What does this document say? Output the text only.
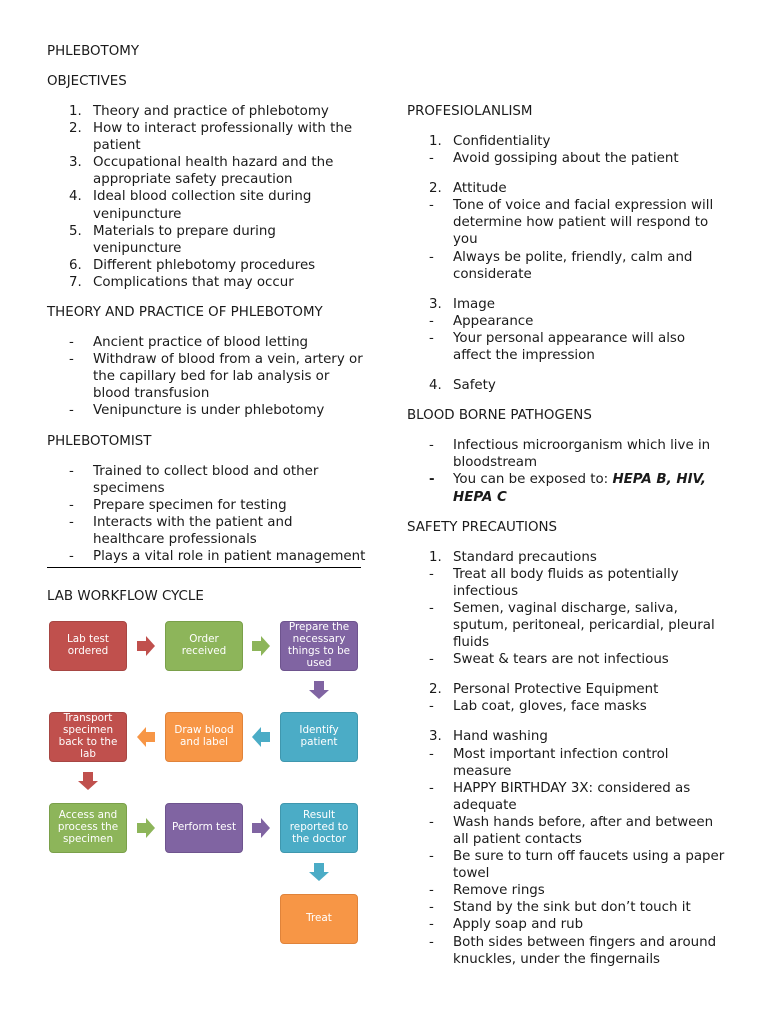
PHLEBOTOMY
OBJECTIVES
1. Theory and practice of phlebotomy
2. How to interact professionally with the patient
3. Occupational health hazard and the appropriate safety precaution
4. Ideal blood collection site during venipuncture
5. Materials to prepare during venipuncture
6. Different phlebotomy procedures
7. Complications that may occur
THEORY AND PRACTICE OF PHLEBOTOMY
- Ancient practice of blood letting
- Withdraw of blood from a vein, artery or the capillary bed for lab analysis or blood transfusion
- Venipuncture is under phlebotomy
PHLEBOTOMIST
- Trained to collect blood and other specimens
- Prepare specimen for testing
- Interacts with the patient and healthcare professionals
- Plays a vital role in patient management
LAB WORKFLOW CYCLE
Lab test ordered
Order received
Prepare the necessary things to be used
Transport specimen back to the lab
Draw blood and label
Identify patient
Access and process the specimen
Perform test
Result reported to the doctor
Treat
PROFESIOLANLISM
1. Confidentiality
- Avoid gossiping about the patient
2. Attitude
- Tone of voice and facial expression will determine how patient will respond to you
- Always be polite, friendly, calm and considerate
3. Image
- Appearance
- Your personal appearance will also affect the impression
4. Safety
BLOOD BORNE PATHOGENS
- Infectious microorganism which live in bloodstream
- You can be exposed to: HEPA B, HIV, HEPA C
SAFETY PRECAUTIONS
1. Standard precautions
- Treat all body fluids as potentially infectious
- Semen, vaginal discharge, saliva, sputum, peritoneal, pericardial, pleural fluids
- Sweat & tears are not infectious
2. Personal Protective Equipment
- Lab coat, gloves, face masks
3. Hand washing
- Most important infection control measure
- HAPPY BIRTHDAY 3X: considered as adequate
- Wash hands before, after and between all patient contacts
- Be sure to turn off faucets using a paper towel
- Remove rings
- Stand by the sink but don’t touch it
- Apply soap and rub
- Both sides between fingers and around knuckles, under the fingernails
